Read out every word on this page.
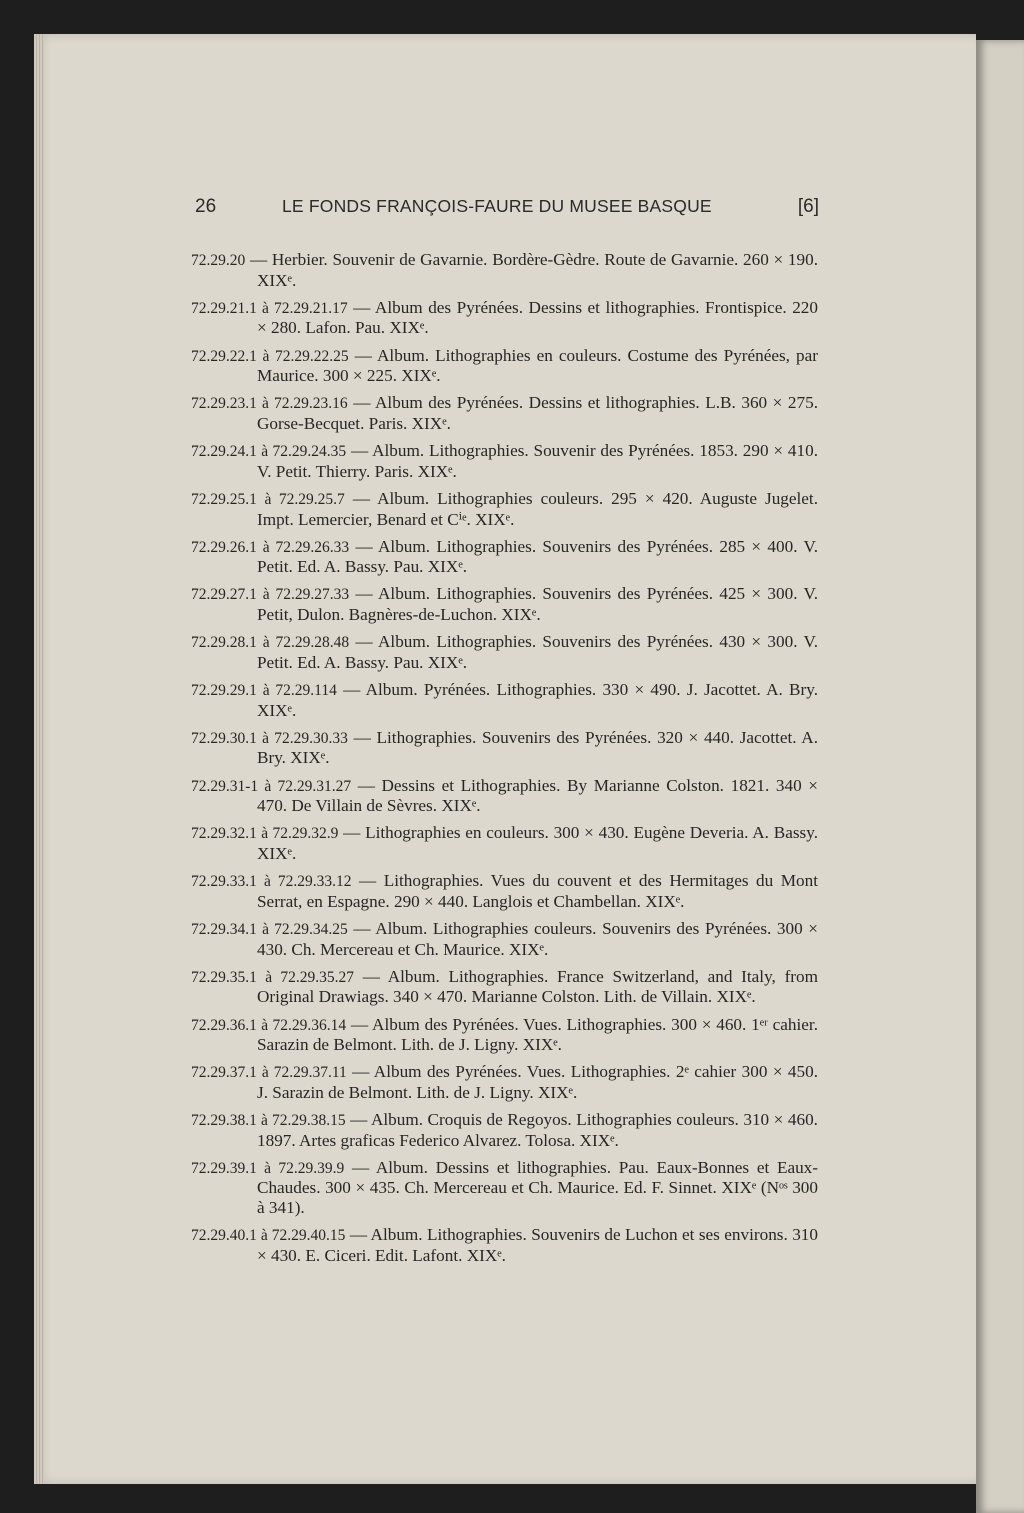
26	LE FONDS FRANÇOIS-FAURE DU MUSEE BASQUE	[6]
72.29.20 — Herbier. Souvenir de Gavarnie. Bordère-Gèdre. Route de Gavarnie. 260 × 190. XIXᵉ.
72.29.21.1 à 72.29.21.17 — Album des Pyrénées. Dessins et lithographies. Frontispice. 220 × 280. Lafon. Pau. XIXᵉ.
72.29.22.1 à 72.29.22.25 — Album. Lithographies en couleurs. Costume des Pyrénées, par Maurice. 300 × 225. XIXᵉ.
72.29.23.1 à 72.29.23.16 — Album des Pyrénées. Dessins et lithographies. L.B. 360 × 275. Gorse-Becquet. Paris. XIXᵉ.
72.29.24.1 à 72.29.24.35 — Album. Lithographies. Souvenir des Pyrénées. 1853. 290 × 410. V. Petit. Thierry. Paris. XIXᵉ.
72.29.25.1 à 72.29.25.7 — Album. Lithographies couleurs. 295 × 420. Auguste Jugelet. Impt. Lemercier, Benard et Cⁱᵉ. XIXᵉ.
72.29.26.1 à 72.29.26.33 — Album. Lithographies. Souvenirs des Pyrénées. 285 × 400. V. Petit. Ed. A. Bassy. Pau. XIXᵉ.
72.29.27.1 à 72.29.27.33 — Album. Lithographies. Souvenirs des Pyrénées. 425 × 300. V. Petit, Dulon. Bagnères-de-Luchon. XIXᵉ.
72.29.28.1 à 72.29.28.48 — Album. Lithographies. Souvenirs des Pyrénées. 430 × 300. V. Petit. Ed. A. Bassy. Pau. XIXᵉ.
72.29.29.1 à 72.29.114 — Album. Pyrénées. Lithographies. 330 × 490. J. Jacottet. A. Bry. XIXᵉ.
72.29.30.1 à 72.29.30.33 — Lithographies. Souvenirs des Pyrénées. 320 × 440. Jacottet. A. Bry. XIXᵉ.
72.29.31-1 à 72.29.31.27 — Dessins et Lithographies. By Marianne Colston. 1821. 340 × 470. De Villain de Sèvres. XIXᵉ.
72.29.32.1 à 72.29.32.9 — Lithographies en couleurs. 300 × 430. Eugène Deveria. A. Bassy. XIXᵉ.
72.29.33.1 à 72.29.33.12 — Lithographies. Vues du couvent et des Hermitages du Mont Serrat, en Espagne. 290 × 440. Langlois et Chambellan. XIXᵉ.
72.29.34.1 à 72.29.34.25 — Album. Lithographies couleurs. Souvenirs des Pyrénées. 300 × 430. Ch. Mercereau et Ch. Maurice. XIXᵉ.
72.29.35.1 à 72.29.35.27 — Album. Lithographies. France Switzerland, and Italy, from Original Drawiags. 340 × 470. Marianne Colston. Lith. de Villain. XIXᵉ.
72.29.36.1 à 72.29.36.14 — Album des Pyrénées. Vues. Lithographies. 300 × 460. 1ᵉʳ cahier. Sarazin de Belmont. Lith. de J. Ligny. XIXᵉ.
72.29.37.1 à 72.29.37.11 — Album des Pyrénées. Vues. Lithographies. 2ᵉ cahier 300 × 450. J. Sarazin de Belmont. Lith. de J. Ligny. XIXᵉ.
72.29.38.1 à 72.29.38.15 — Album. Croquis de Regoyos. Lithographies couleurs. 310 × 460. 1897. Artes graficas Federico Alvarez. Tolosa. XIXᵉ.
72.29.39.1 à 72.29.39.9 — Album. Dessins et lithographies. Pau. Eaux-Bonnes et Eaux-Chaudes. 300 × 435. Ch. Mercereau et Ch. Maurice. Ed. F. Sinnet. XIXᵉ (Nᵒˢ 300 à 341).
72.29.40.1 à 72.29.40.15 — Album. Lithographies. Souvenirs de Luchon et ses environs. 310 × 430. E. Ciceri. Edit. Lafont. XIXᵉ.
